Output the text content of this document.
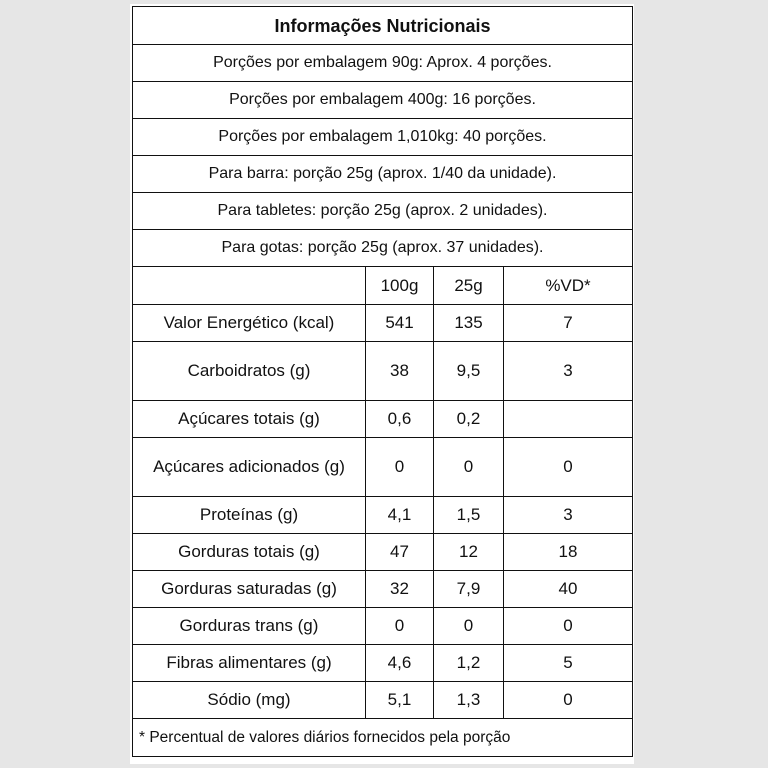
Informações Nutricionais			
Porções por embalagem 90g: Aprox. 4 porções.			
Porções por embalagem 400g: 16 porções.			
Porções por embalagem 1,010kg: 40 porções.			
Para barra: porção 25g (aprox. 1/40 da unidade).			
Para tabletes: porção 25g (aprox. 2 unidades).			
Para gotas: porção 25g (aprox. 37 unidades).			
	100g	25g	%VD*
Valor Energético (kcal)	541	135	7
Carboidratos (g)	38	9,5	3
Açúcares totais (g)	0,6	0,2	
Açúcares adicionados (g)	0	0	0
Proteínas (g)	4,1	1,5	3
Gorduras totais (g)	47	12	18
Gorduras saturadas (g)	32	7,9	40
Gorduras trans (g)	0	0	0
Fibras alimentares (g)	4,6	1,2	5
Sódio (mg)	5,1	1,3	0
* Percentual de valores diários fornecidos pela porção			
